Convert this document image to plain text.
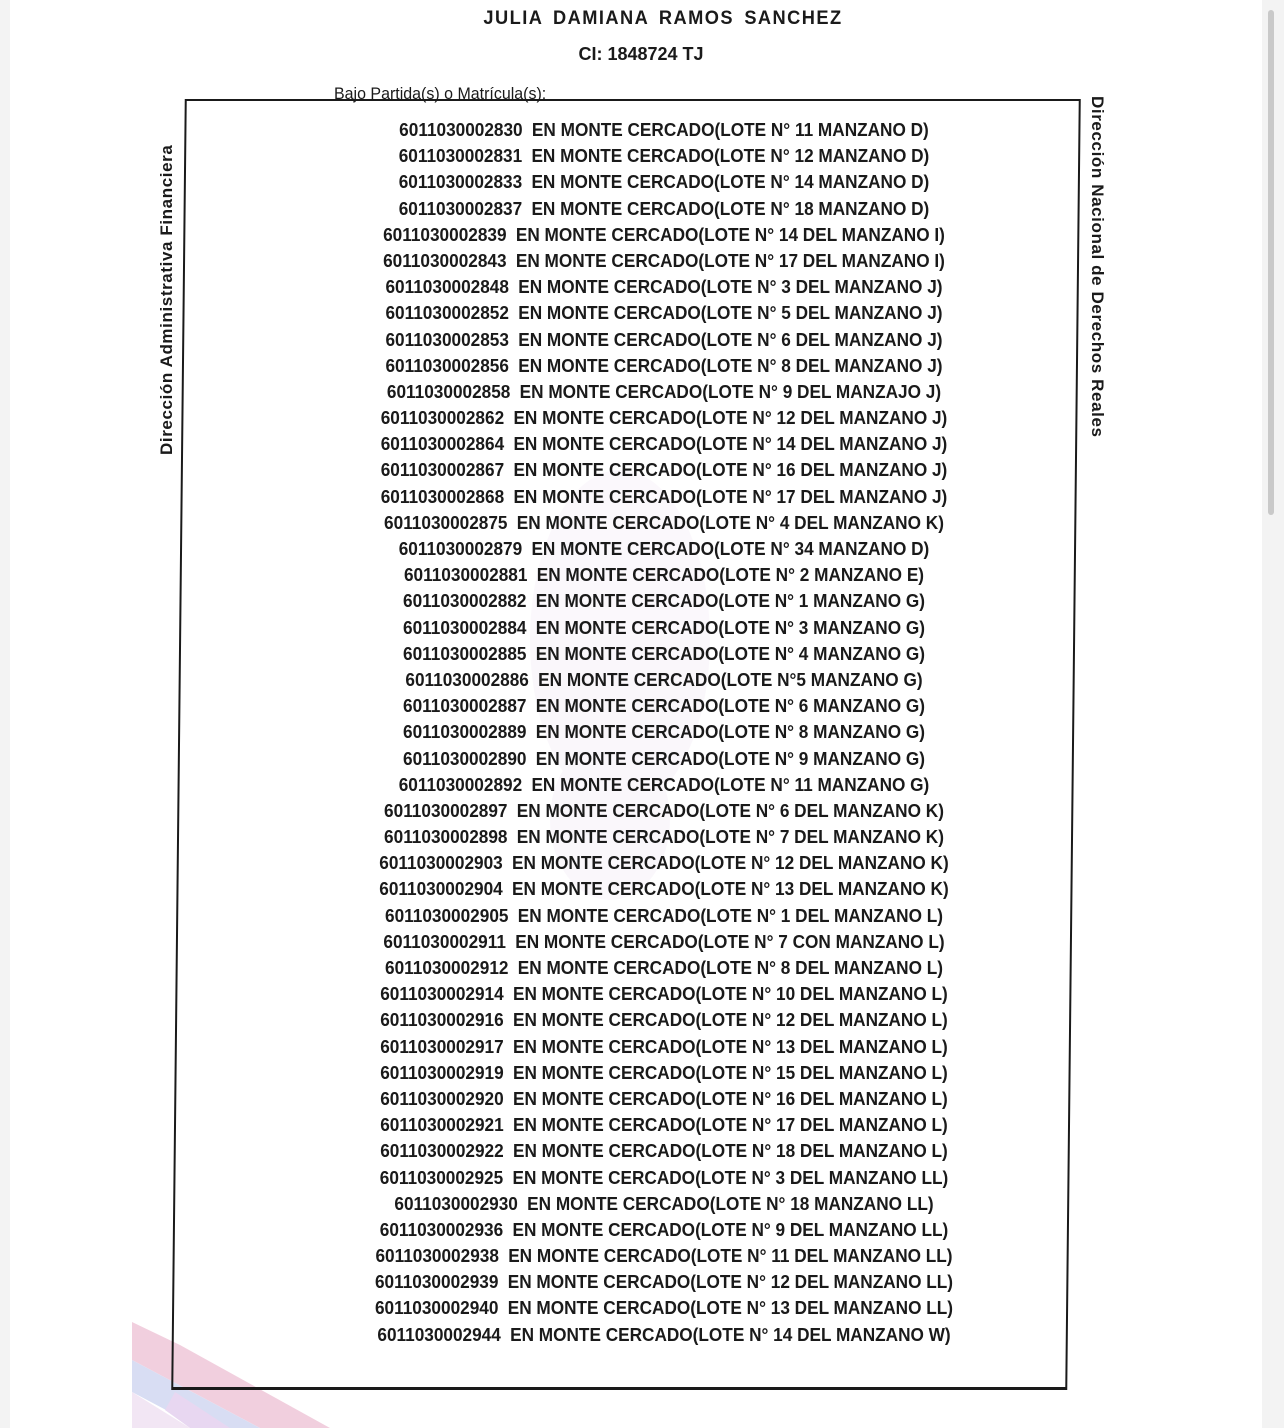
JULIA DAMIANA RAMOS SANCHEZ
CI: 1848724 TJ
Bajo Partida(s) o Matrícula(s):
6011030002830 EN MONTE CERCADO(LOTE N° 11 MANZANO D)
6011030002831 EN MONTE CERCADO(LOTE N° 12 MANZANO D)
6011030002833 EN MONTE CERCADO(LOTE N° 14 MANZANO D)
6011030002837 EN MONTE CERCADO(LOTE N° 18 MANZANO D)
6011030002839 EN MONTE CERCADO(LOTE N° 14 DEL MANZANO I)
6011030002843 EN MONTE CERCADO(LOTE N° 17 DEL MANZANO I)
6011030002848 EN MONTE CERCADO(LOTE N° 3 DEL MANZANO J)
6011030002852 EN MONTE CERCADO(LOTE N° 5 DEL MANZANO J)
6011030002853 EN MONTE CERCADO(LOTE N° 6 DEL MANZANO J)
6011030002856 EN MONTE CERCADO(LOTE N° 8 DEL MANZANO J)
6011030002858 EN MONTE CERCADO(LOTE N° 9 DEL MANZAJO J)
6011030002862 EN MONTE CERCADO(LOTE N° 12 DEL MANZANO J)
6011030002864 EN MONTE CERCADO(LOTE N° 14 DEL MANZANO J)
6011030002867 EN MONTE CERCADO(LOTE N° 16 DEL MANZANO J)
6011030002868 EN MONTE CERCADO(LOTE N° 17 DEL MANZANO J)
6011030002875 EN MONTE CERCADO(LOTE N° 4 DEL MANZANO K)
6011030002879 EN MONTE CERCADO(LOTE N° 34 MANZANO D)
6011030002881 EN MONTE CERCADO(LOTE N° 2 MANZANO E)
6011030002882 EN MONTE CERCADO(LOTE N° 1 MANZANO G)
6011030002884 EN MONTE CERCADO(LOTE N° 3 MANZANO G)
6011030002885 EN MONTE CERCADO(LOTE N° 4 MANZANO G)
6011030002886 EN MONTE CERCADO(LOTE N°5 MANZANO G)
6011030002887 EN MONTE CERCADO(LOTE N° 6 MANZANO G)
6011030002889 EN MONTE CERCADO(LOTE N° 8 MANZANO G)
6011030002890 EN MONTE CERCADO(LOTE N° 9 MANZANO G)
6011030002892 EN MONTE CERCADO(LOTE N° 11 MANZANO G)
6011030002897 EN MONTE CERCADO(LOTE N° 6 DEL MANZANO K)
6011030002898 EN MONTE CERCADO(LOTE N° 7 DEL MANZANO K)
6011030002903 EN MONTE CERCADO(LOTE N° 12 DEL MANZANO K)
6011030002904 EN MONTE CERCADO(LOTE N° 13 DEL MANZANO K)
6011030002905 EN MONTE CERCADO(LOTE N° 1 DEL MANZANO L)
6011030002911 EN MONTE CERCADO(LOTE N° 7 CON MANZANO L)
6011030002912 EN MONTE CERCADO(LOTE N° 8 DEL MANZANO L)
6011030002914 EN MONTE CERCADO(LOTE N° 10 DEL MANZANO L)
6011030002916 EN MONTE CERCADO(LOTE N° 12 DEL MANZANO L)
6011030002917 EN MONTE CERCADO(LOTE N° 13 DEL MANZANO L)
6011030002919 EN MONTE CERCADO(LOTE N° 15 DEL MANZANO L)
6011030002920 EN MONTE CERCADO(LOTE N° 16 DEL MANZANO L)
6011030002921 EN MONTE CERCADO(LOTE N° 17 DEL MANZANO L)
6011030002922 EN MONTE CERCADO(LOTE N° 18 DEL MANZANO L)
6011030002925 EN MONTE CERCADO(LOTE N° 3 DEL MANZANO LL)
6011030002930 EN MONTE CERCADO(LOTE N° 18 MANZANO LL)
6011030002936 EN MONTE CERCADO(LOTE N° 9 DEL MANZANO LL)
6011030002938 EN MONTE CERCADO(LOTE N° 11 DEL MANZANO LL)
6011030002939 EN MONTE CERCADO(LOTE N° 12 DEL MANZANO LL)
6011030002940 EN MONTE CERCADO(LOTE N° 13 DEL MANZANO LL)
6011030002944 EN MONTE CERCADO(LOTE N° 14 DEL MANZANO W)
Dirección Administrativa Financiera	Dirección Nacional de Derechos Reales
